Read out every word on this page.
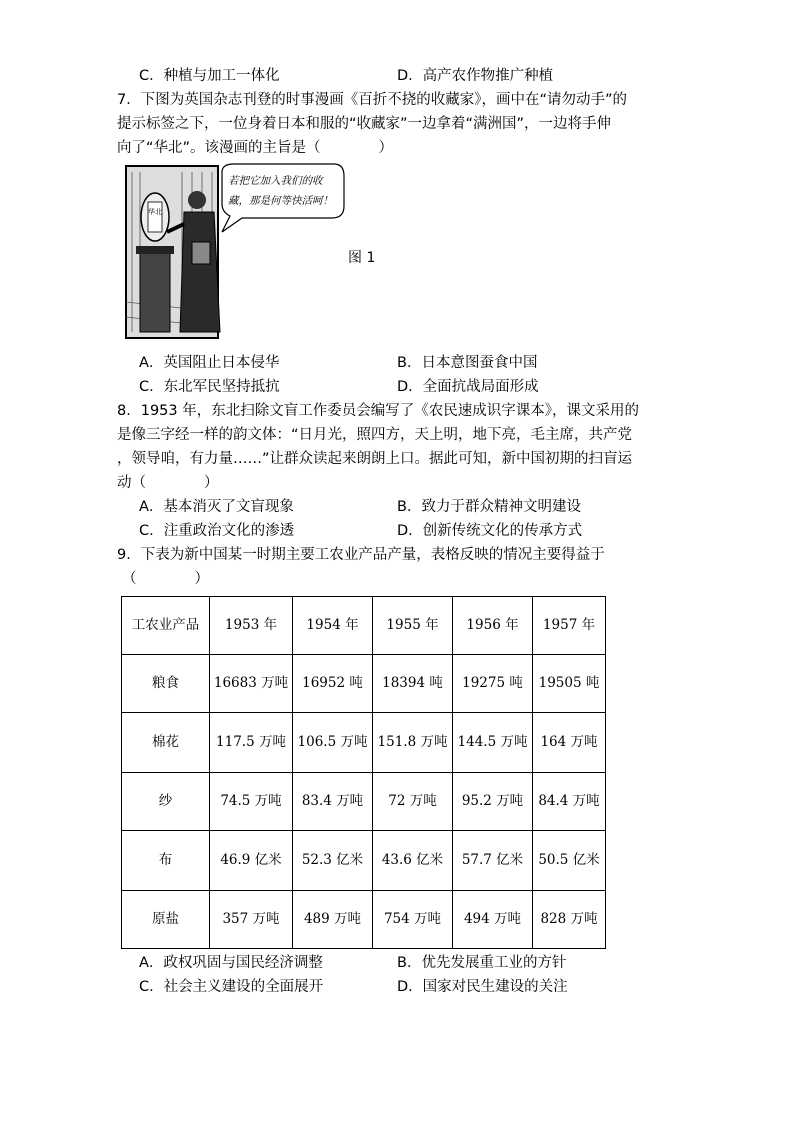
C．种植与加工一体化	D．高产农作物推广种植
7．下图为英国杂志刊登的时事漫画《百折不挠的收藏家》，画中在“请勿动手”的
提示标签之下，一位身着日本和服的“收藏家”一边拿着“满洲国”，一边将手伸
向了“华北”。该漫画的主旨是（　　　　）
华北
若把它加入我们的收
藏，那是何等快活呵！
图 1
A．英国阻止日本侵华	B．日本意图蚕食中国
C．东北军民坚持抵抗	D．全面抗战局面形成
8．1953 年，东北扫除文盲工作委员会编写了《农民速成识字课本》，课文采用的
是像三字经一样的韵文体：“日月光，照四方，天上明，地下亮，毛主席，共产党
，领导咱，有力量……”让群众读起来朗朗上口。据此可知，新中国初期的扫盲运
动（　　　　）
A．基本消灭了文盲现象	B．致力于群众精神文明建设
C．注重政治文化的渗透	D．创新传统文化的传承方式
9．下表为新中国某一时期主要工农业产品产量，表格反映的情况主要得益于
（　　　　）
工农业产品	1953 年	1954 年	1955 年	1956 年	1957 年
粮食	16683 万吨	16952 吨	18394 吨	19275 吨	19505 吨
棉花	117.5 万吨	106.5 万吨	151.8 万吨	144.5 万吨	164 万吨
纱	74.5 万吨	83.4 万吨	72 万吨	95.2 万吨	84.4 万吨
布	46.9 亿米	52.3 亿米	43.6 亿米	57.7 亿米	50.5 亿米
原盐	357 万吨	489 万吨	754 万吨	494 万吨	828 万吨
A．政权巩固与国民经济调整	B．优先发展重工业的方针
C．社会主义建设的全面展开	D．国家对民生建设的关注
